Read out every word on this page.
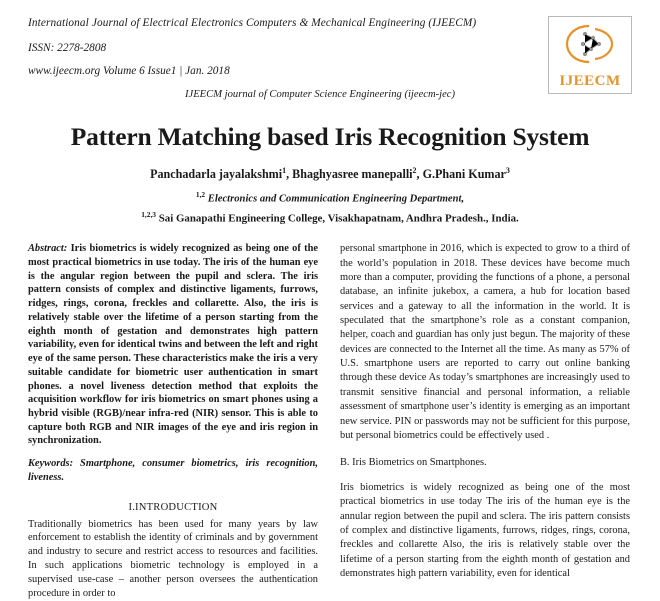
International Journal of Electrical Electronics Computers & Mechanical Engineering (IJEECM)
ISSN: 2278-2808
www.ijeecm.org Volume 6 Issue1 | Jan. 2018
IJEECM journal of Computer Science Engineering (ijeecm-jec)
IJEECM
Pattern Matching based Iris Recognition System
Panchadarla jayalakshmi$^1$, Bhaghyasree manepalli$^2$, G.Phani Kumar$^3$
$^{1,2}$ Electronics and Communication Engineering Department,
$^{1,2,3}$ Sai Ganapathi Engineering College, Visakhapatnam, Andhra Pradesh., India.

Abstract: Iris biometrics is widely recognized as being one of the most practical biometrics in use today. The iris of the human eye is the angular region between the pupil and sclera. The iris pattern consists of complex and distinctive ligaments, furrows, ridges, rings, corona, freckles and collarette. Also, the iris is relatively stable over the lifetime of a person starting from the eighth month of gestation and demonstrates high pattern variability, even for identical twins and between the left and right eye of the same person. These characteristics make the iris a very suitable candidate for biometric user authentication in smart phones. a novel liveness detection method that exploits the acquisition workflow for iris biometrics on smart phones using a hybrid visible (RGB)/near infra-red (NIR) sensor. This is able to capture both RGB and NIR images of the eye and iris region in synchronization.

Keywords: Smartphone, consumer biometrics, iris recognition, liveness.

I.INTRODUCTION

Traditionally biometrics has been used for many years by law enforcement to establish the identity of criminals and by government and industry to secure and restrict access to resources and facilities. In such applications biometric technology is employed in a supervised use-case – another person oversees the authentication procedure in order to

personal smartphone in 2016, which is expected to grow to a third of the world’s population in 2018. These devices have become much more than a computer, providing the functions of a phone, a personal database, an infinite jukebox, a camera, a hub for location based services and a gateway to all the information in the world. It is speculated that the smartphone’s role as a constant companion, helper, coach and guardian has only just begun. The majority of these devices are connected to the Internet all the time. As many as 57% of U.S. smartphone users are reported to carry out online banking through these device As today’s smartphones are increasingly used to transmit sensitive financial and personal information, a reliable assessment of smartphone user’s identity is emerging as an important new service. PIN or passwords may not be sufficient for this purpose, but personal biometrics could be effectively used .

B. Iris Biometrics on Smartphones.

Iris biometrics is widely recognized as being one of the most practical biometrics in use today The iris of the human eye is the annular region between the pupil and sclera. The iris pattern consists of complex and distinctive ligaments, furrows, ridges, rings, corona, freckles and collarette Also, the iris is relatively stable over the lifetime of a person starting from the eighth month of gestation and demonstrates high pattern variability, even for identical
